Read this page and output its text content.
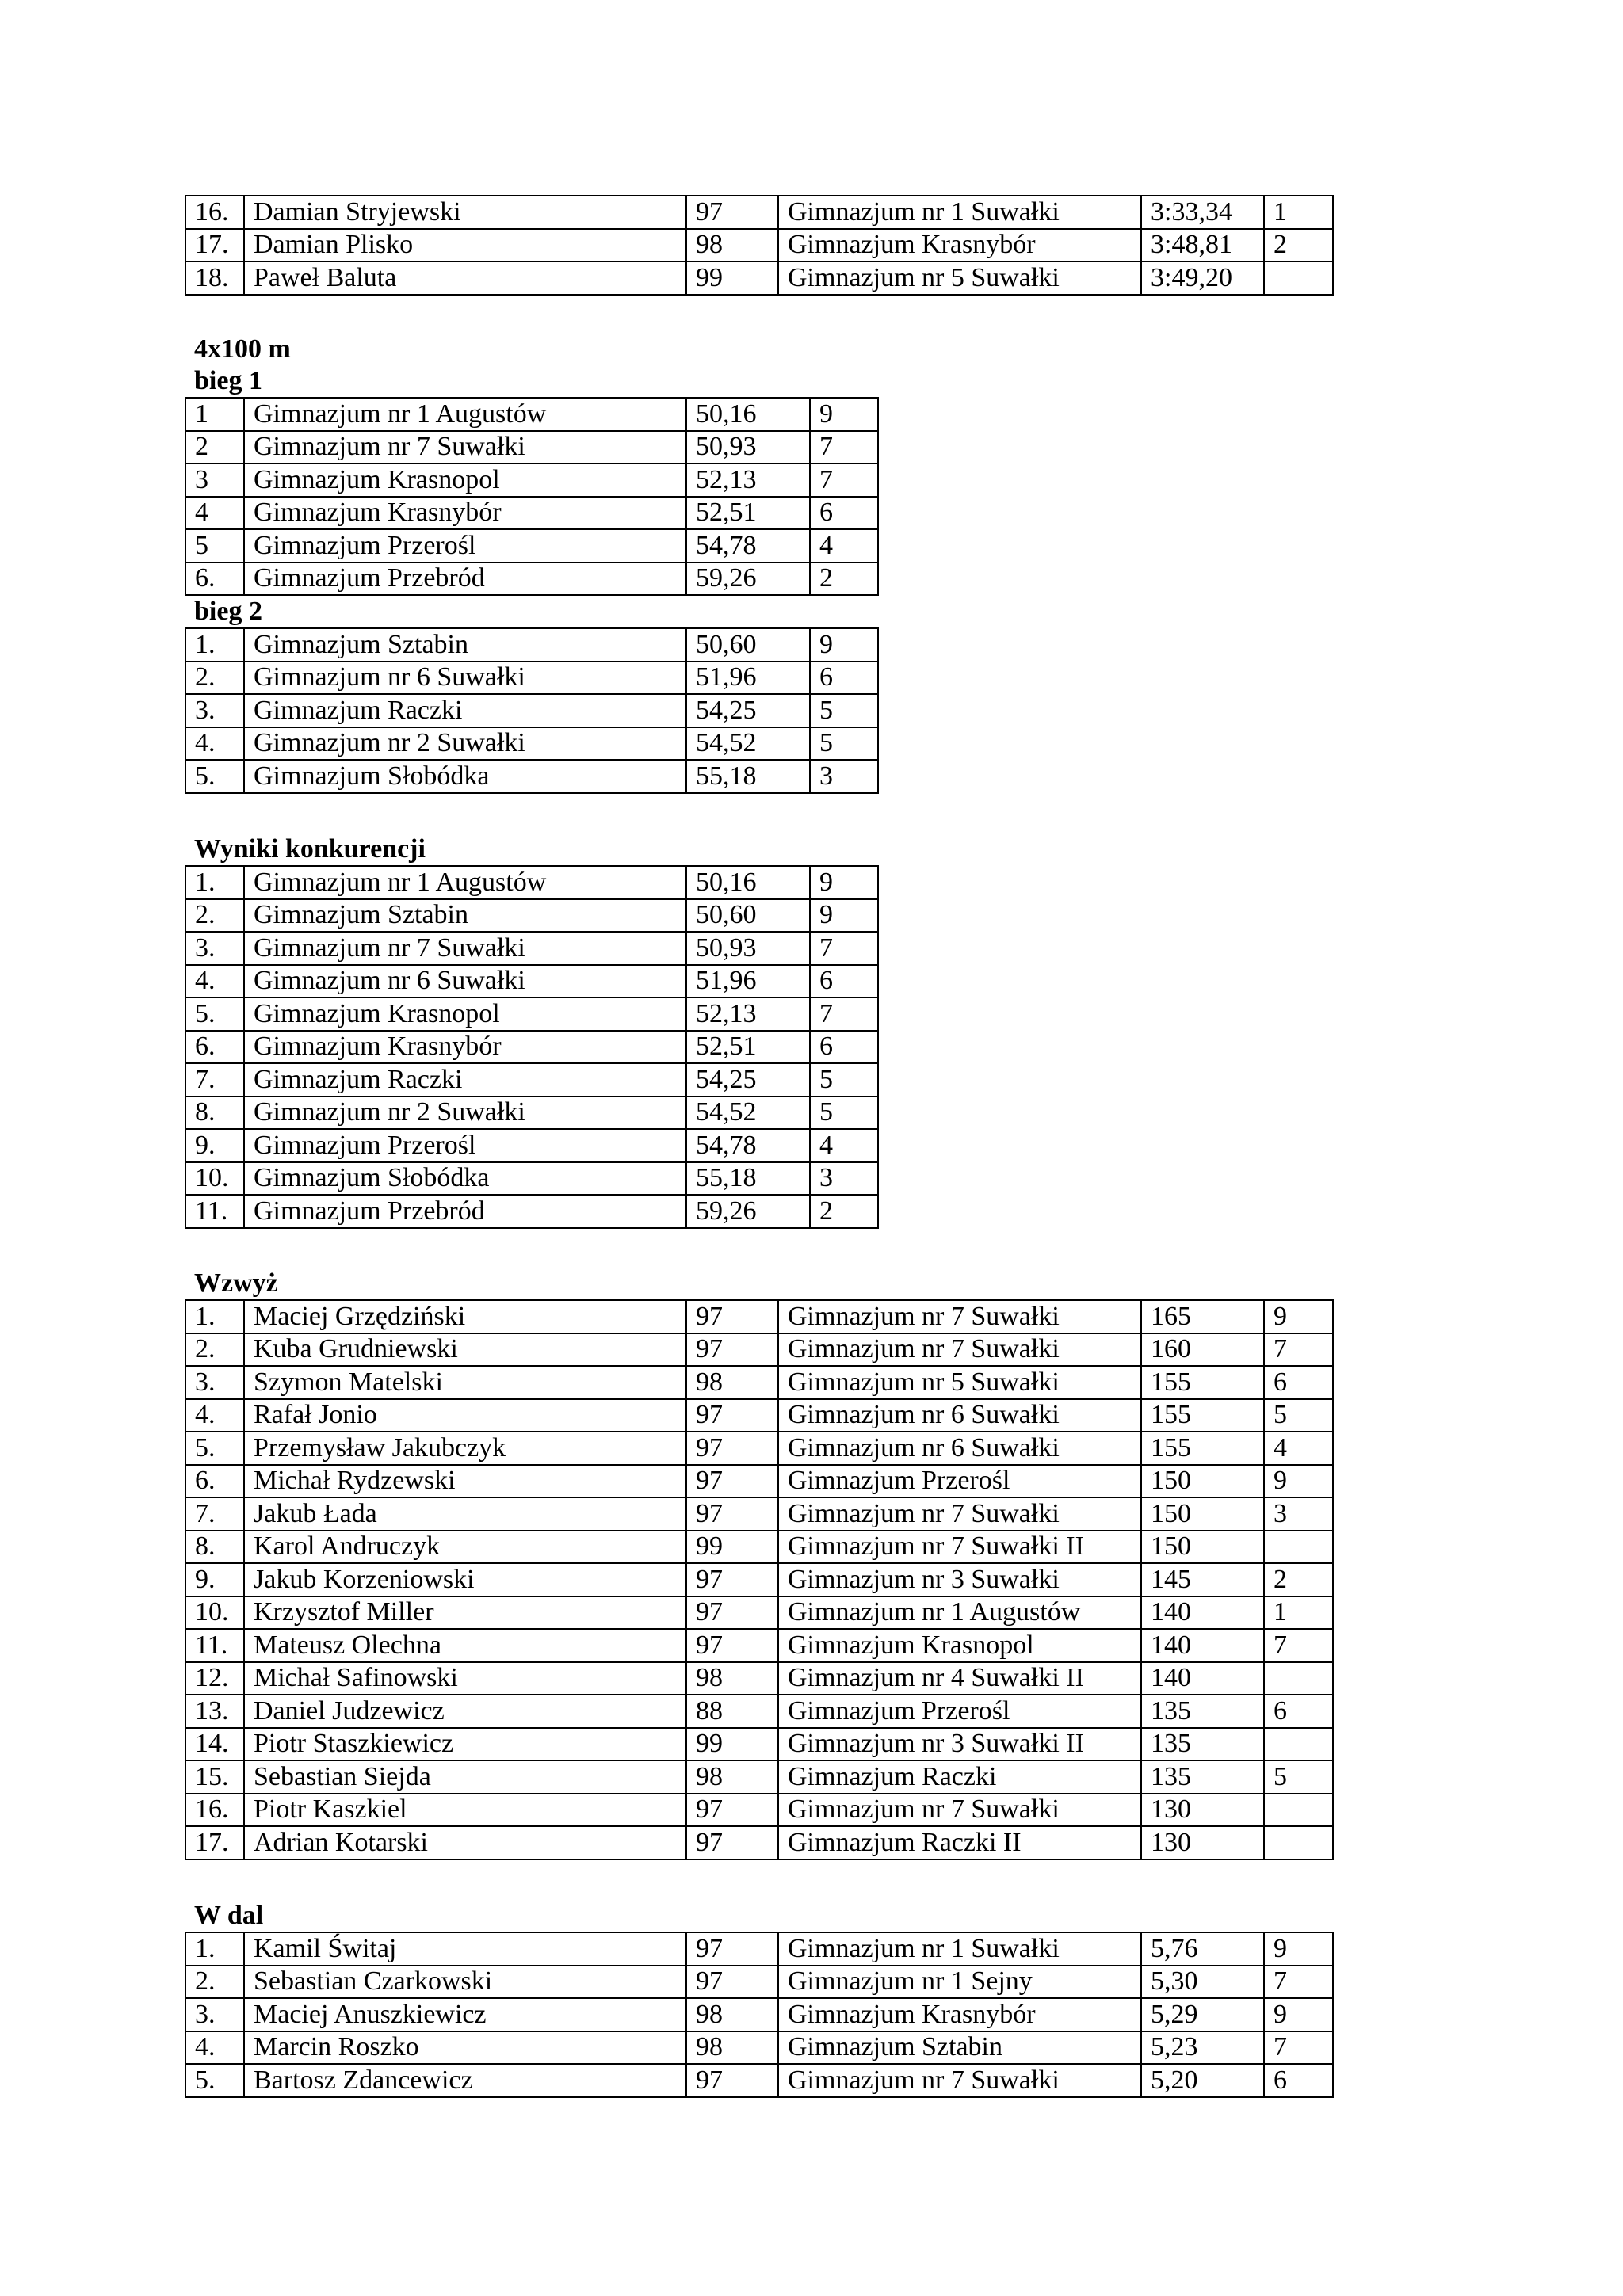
16.	Damian Stryjewski	97	Gimnazjum nr 1 Suwałki	3:33,34	1
17.	Damian Plisko	98	Gimnazjum Krasnybór	3:48,81	2
18.	Paweł Baluta	99	Gimnazjum nr 5 Suwałki	3:49,20	
4x100 m
bieg 1
1	Gimnazjum nr 1 Augustów	50,16	9
2	Gimnazjum nr 7 Suwałki	50,93	7
3	Gimnazjum Krasnopol	52,13	7
4	Gimnazjum Krasnybór	52,51	6
5	Gimnazjum Przerośl	54,78	4
6.	Gimnazjum Przebród	59,26	2
bieg 2
1.	Gimnazjum Sztabin	50,60	9
2.	Gimnazjum nr 6 Suwałki	51,96	6
3.	Gimnazjum Raczki	54,25	5
4.	Gimnazjum nr 2 Suwałki	54,52	5
5.	Gimnazjum Słobódka	55,18	3
Wyniki konkurencji
1.	Gimnazjum nr 1 Augustów	50,16	9
2.	Gimnazjum Sztabin	50,60	9
3.	Gimnazjum nr 7 Suwałki	50,93	7
4.	Gimnazjum nr 6 Suwałki	51,96	6
5.	Gimnazjum Krasnopol	52,13	7
6.	Gimnazjum Krasnybór	52,51	6
7.	Gimnazjum Raczki	54,25	5
8.	Gimnazjum nr 2 Suwałki	54,52	5
9.	Gimnazjum Przerośl	54,78	4
10.	Gimnazjum Słobódka	55,18	3
11.	Gimnazjum Przebród	59,26	2
Wzwyż
1.	Maciej Grzędziński	97	Gimnazjum nr 7 Suwałki	165	9
2.	Kuba Grudniewski	97	Gimnazjum nr 7 Suwałki	160	7
3.	Szymon Matelski	98	Gimnazjum nr 5 Suwałki	155	6
4.	Rafał Jonio	97	Gimnazjum nr 6 Suwałki	155	5
5.	Przemysław Jakubczyk	97	Gimnazjum nr 6 Suwałki	155	4
6.	Michał Rydzewski	97	Gimnazjum Przerośl	150	9
7.	Jakub Łada	97	Gimnazjum nr 7 Suwałki	150	3
8.	Karol Andruczyk	99	Gimnazjum nr 7 Suwałki II	150	
9.	Jakub Korzeniowski	97	Gimnazjum nr 3 Suwałki	145	2
10.	Krzysztof Miller	97	Gimnazjum nr 1 Augustów	140	1
11.	Mateusz Olechna	97	Gimnazjum Krasnopol	140	7
12.	Michał Safinowski	98	Gimnazjum nr 4 Suwałki II	140	
13.	Daniel Judzewicz	88	Gimnazjum Przerośl	135	6
14.	Piotr Staszkiewicz	99	Gimnazjum nr 3 Suwałki II	135	
15.	Sebastian Siejda	98	Gimnazjum Raczki	135	5
16.	Piotr Kaszkiel	97	Gimnazjum nr 7 Suwałki	130	
17.	Adrian Kotarski	97	Gimnazjum Raczki II	130	
W dal
1.	Kamil Świtaj	97	Gimnazjum nr 1 Suwałki	5,76	9
2.	Sebastian Czarkowski	97	Gimnazjum nr 1 Sejny	5,30	7
3.	Maciej Anuszkiewicz	98	Gimnazjum Krasnybór	5,29	9
4.	Marcin Roszko	98	Gimnazjum Sztabin	5,23	7
5.	Bartosz Zdancewicz	97	Gimnazjum nr 7 Suwałki	5,20	6
